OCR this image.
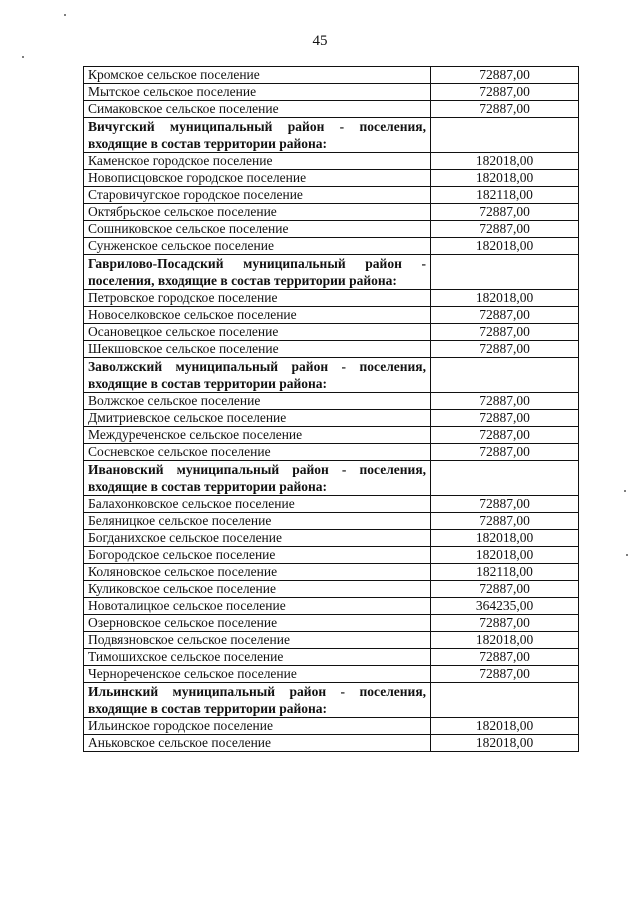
45
Кромское сельское поселение	72887,00
Мытское сельское поселение	72887,00
Симаковское сельское поселение	72887,00
Вичугский муниципальный район - поселения, входящие в состав территории района:	
Каменское городское поселение	182018,00
Новописцовское городское поселение	182018,00
Старовичугское городское поселение	182118,00
Октябрьское сельское поселение	72887,00
Сошниковское сельское поселение	72887,00
Сунженское сельское поселение	182018,00
Гаврилово-Посадский муниципальный район - поселения, входящие в состав территории района:	
Петровское городское поселение	182018,00
Новоселковское сельское поселение	72887,00
Осановецкое сельское поселение	72887,00
Шекшовское сельское поселение	72887,00
Заволжский муниципальный район - поселения, входящие в состав территории района:	
Волжское сельское поселение	72887,00
Дмитриевское сельское поселение	72887,00
Междуреченское сельское поселение	72887,00
Сосневское сельское поселение	72887,00
Ивановский муниципальный район - поселения, входящие в состав территории района:	
Балахонковское сельское поселение	72887,00
Беляницкое сельское поселение	72887,00
Богданихское сельское поселение	182018,00
Богородское сельское поселение	182018,00
Коляновское сельское поселение	182118,00
Куликовское сельское поселение	72887,00
Новоталицкое сельское поселение	364235,00
Озерновское сельское поселение	72887,00
Подвязновское сельское поселение	182018,00
Тимошихское сельское поселение	72887,00
Чернореченское сельское поселение	72887,00
Ильинский муниципальный район - поселения, входящие в состав территории района:	
Ильинское городское поселение	182018,00
Аньковское сельское поселение	182018,00
